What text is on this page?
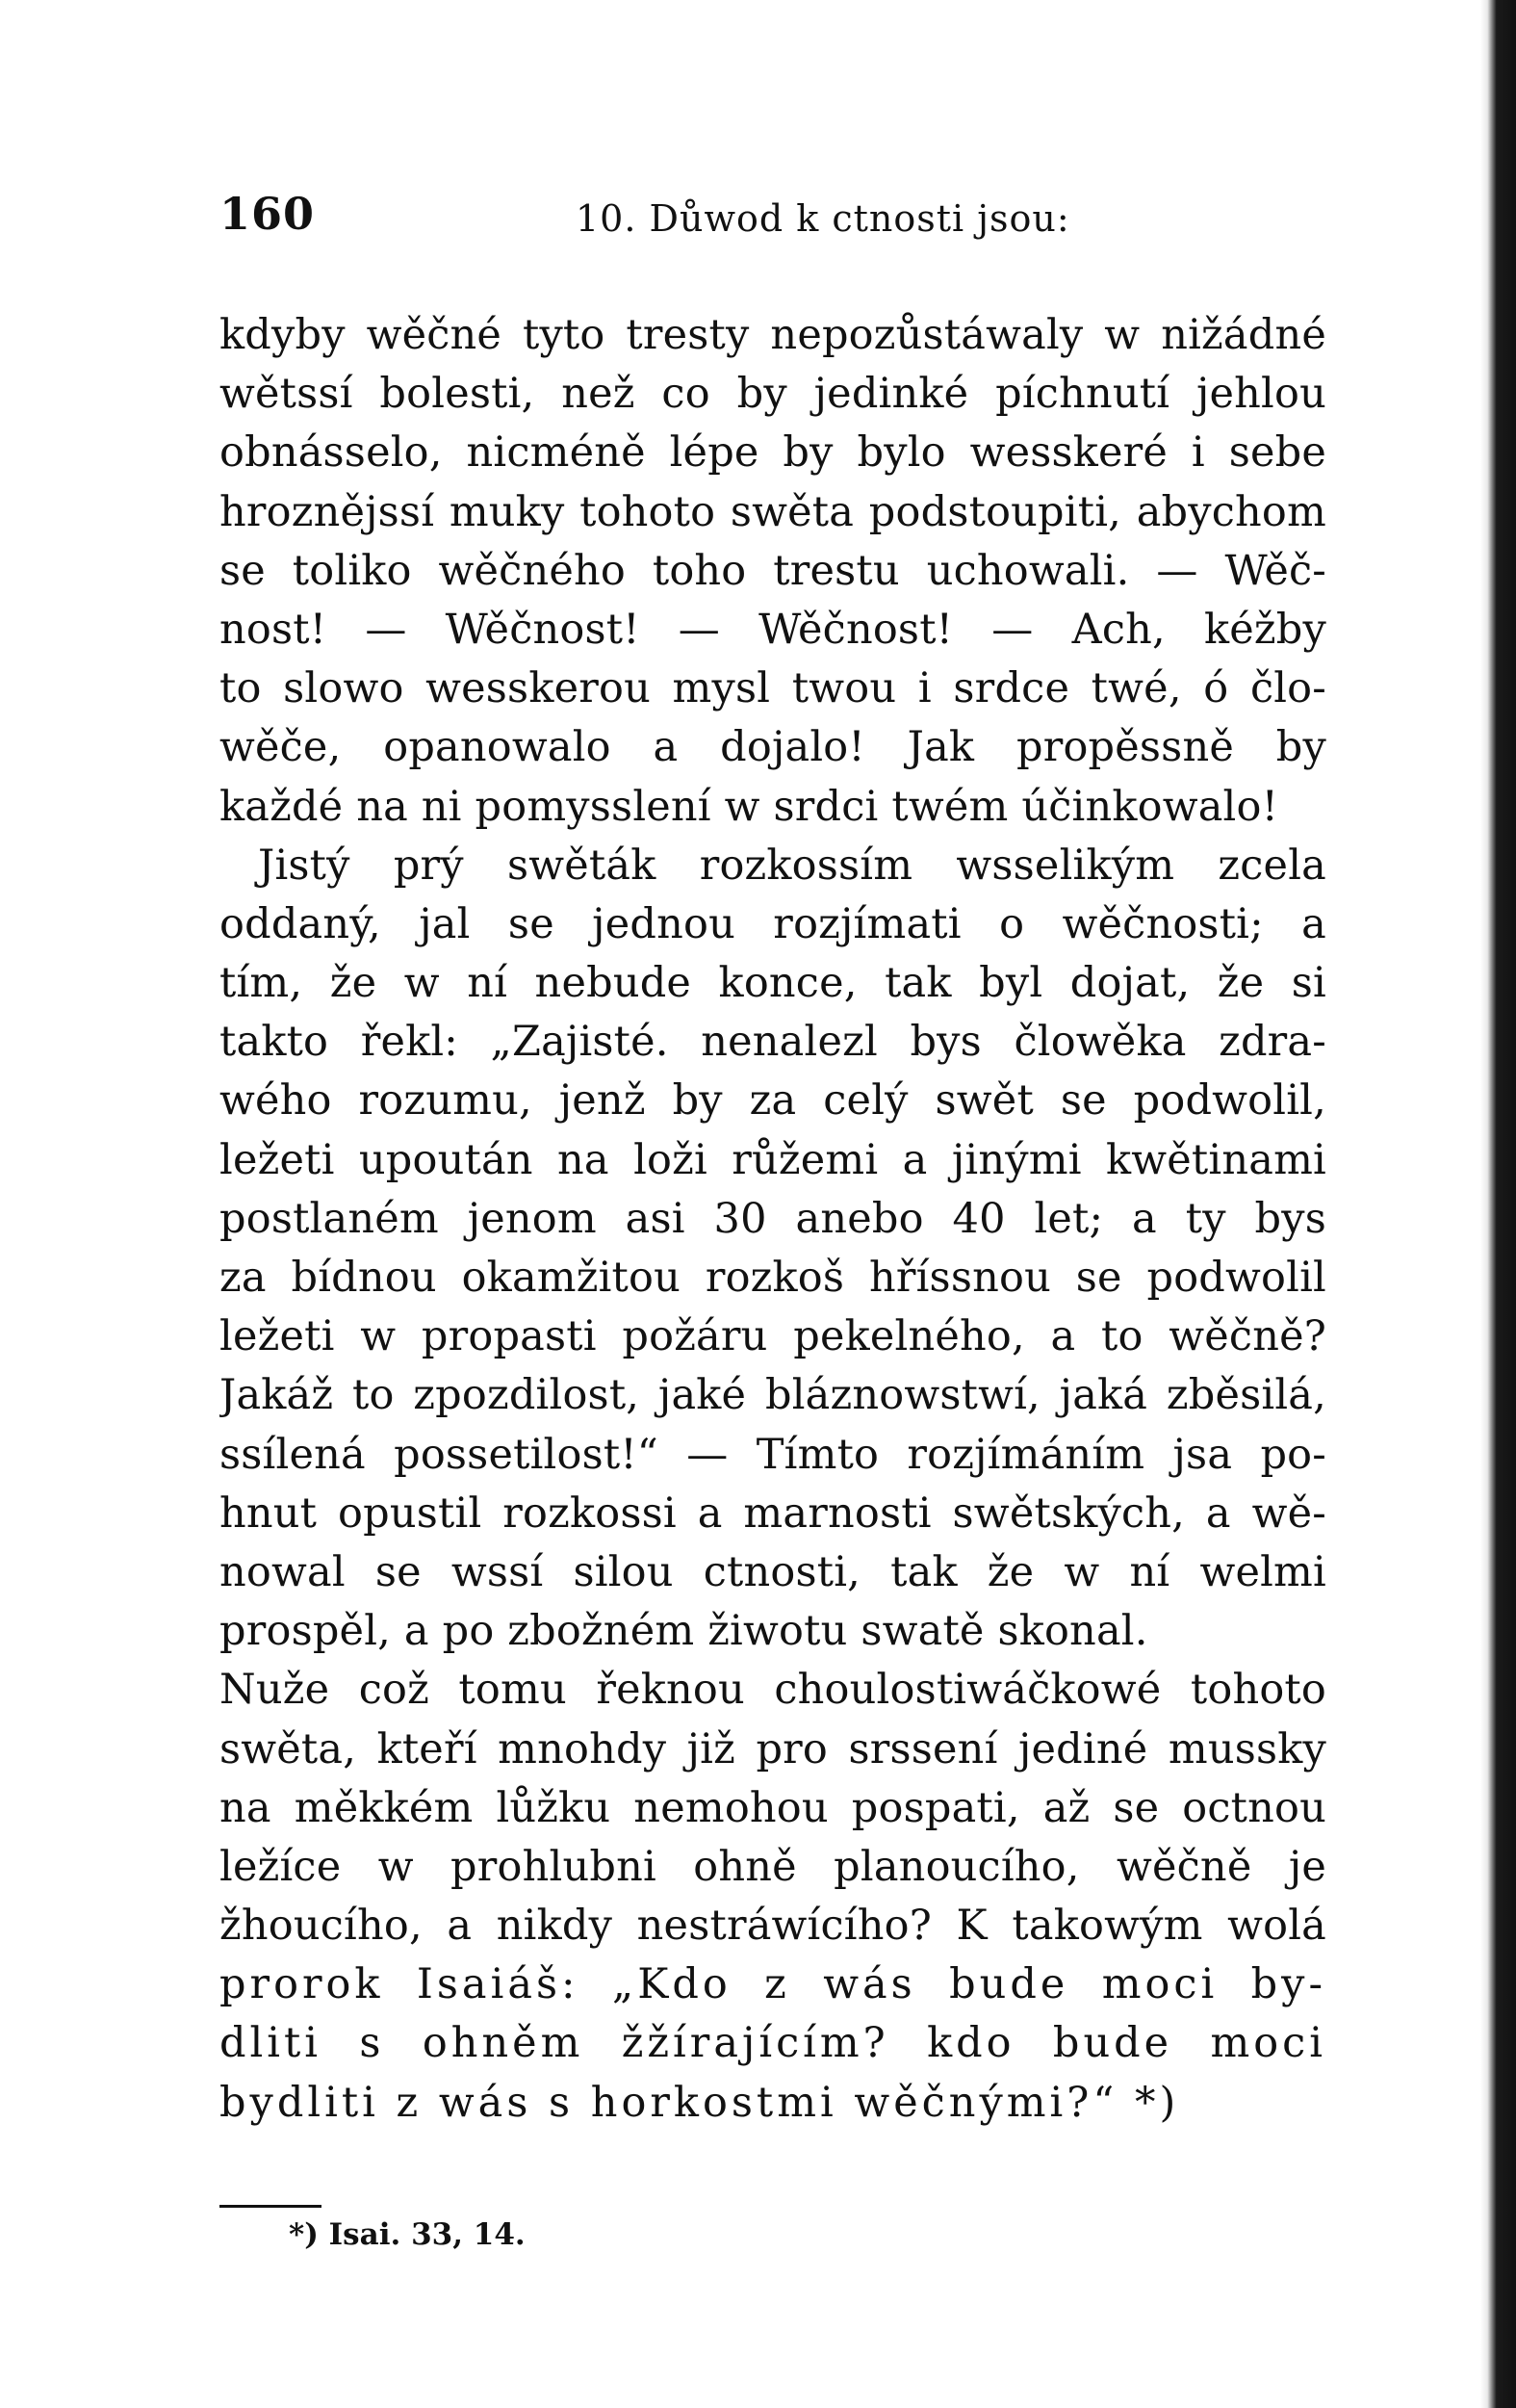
160	10. Důwod k ctnosti jsou:
kdyby wěčné tyto tresty nepozůstáwaly w nižádné
wětssí bolesti, než co by jedinké píchnutí jehlou
obnásselo, nicméně lépe by bylo wesskeré i sebe
hroznějssí muky tohoto swěta podstoupiti, abychom
se toliko wěčného toho trestu uchowali. — Wěč-
nost! — Wěčnost! — Wěčnost! — Ach, kéžby
to slowo wesskerou mysl twou i srdce twé, ó člo-
wěče, opanowalo a dojalo! Jak propěssně by
každé na ni pomysslení w srdci twém účinkowalo!
Jistý prý swěták rozkossím wsselikým zcela
oddaný, jal se jednou rozjímati o wěčnosti; a
tím, že w ní nebude konce, tak byl dojat, že si
takto řekl: „Zajisté. nenalezl bys člowěka zdra-
wého rozumu, jenž by za celý swět se podwolil,
ležeti upoután na loži růžemi a jinými kwětinami
postlaném jenom asi 30 anebo 40 let; a ty bys
za bídnou okamžitou rozkoš hříssnou se podwolil
ležeti w propasti požáru pekelného, a to wěčně?
Jakáž to zpozdilost, jaké bláznowstwí, jaká zběsilá,
ssílená possetilost!“ — Tímto rozjímáním jsa po-
hnut opustil rozkossi a marnosti swětských, a wě-
nowal se wssí silou ctnosti, tak že w ní welmi
prospěl, a po zbožném žiwotu swatě skonal.
Nuže což tomu řeknou choulostiwáčkowé tohoto
swěta, kteří mnohdy již pro srssení jediné mussky
na měkkém lůžku nemohou pospati, až se octnou
ležíce w prohlubni ohně planoucího, wěčně je
žhoucího, a nikdy nestráwícího? K takowým wolá
prorok Isaiáš: „Kdo z wás bude moci by-
dliti s ohněm žžírajícím? kdo bude moci
bydliti z wás s horkostmi wěčnými?“ *)
*) Isai. 33, 14.
